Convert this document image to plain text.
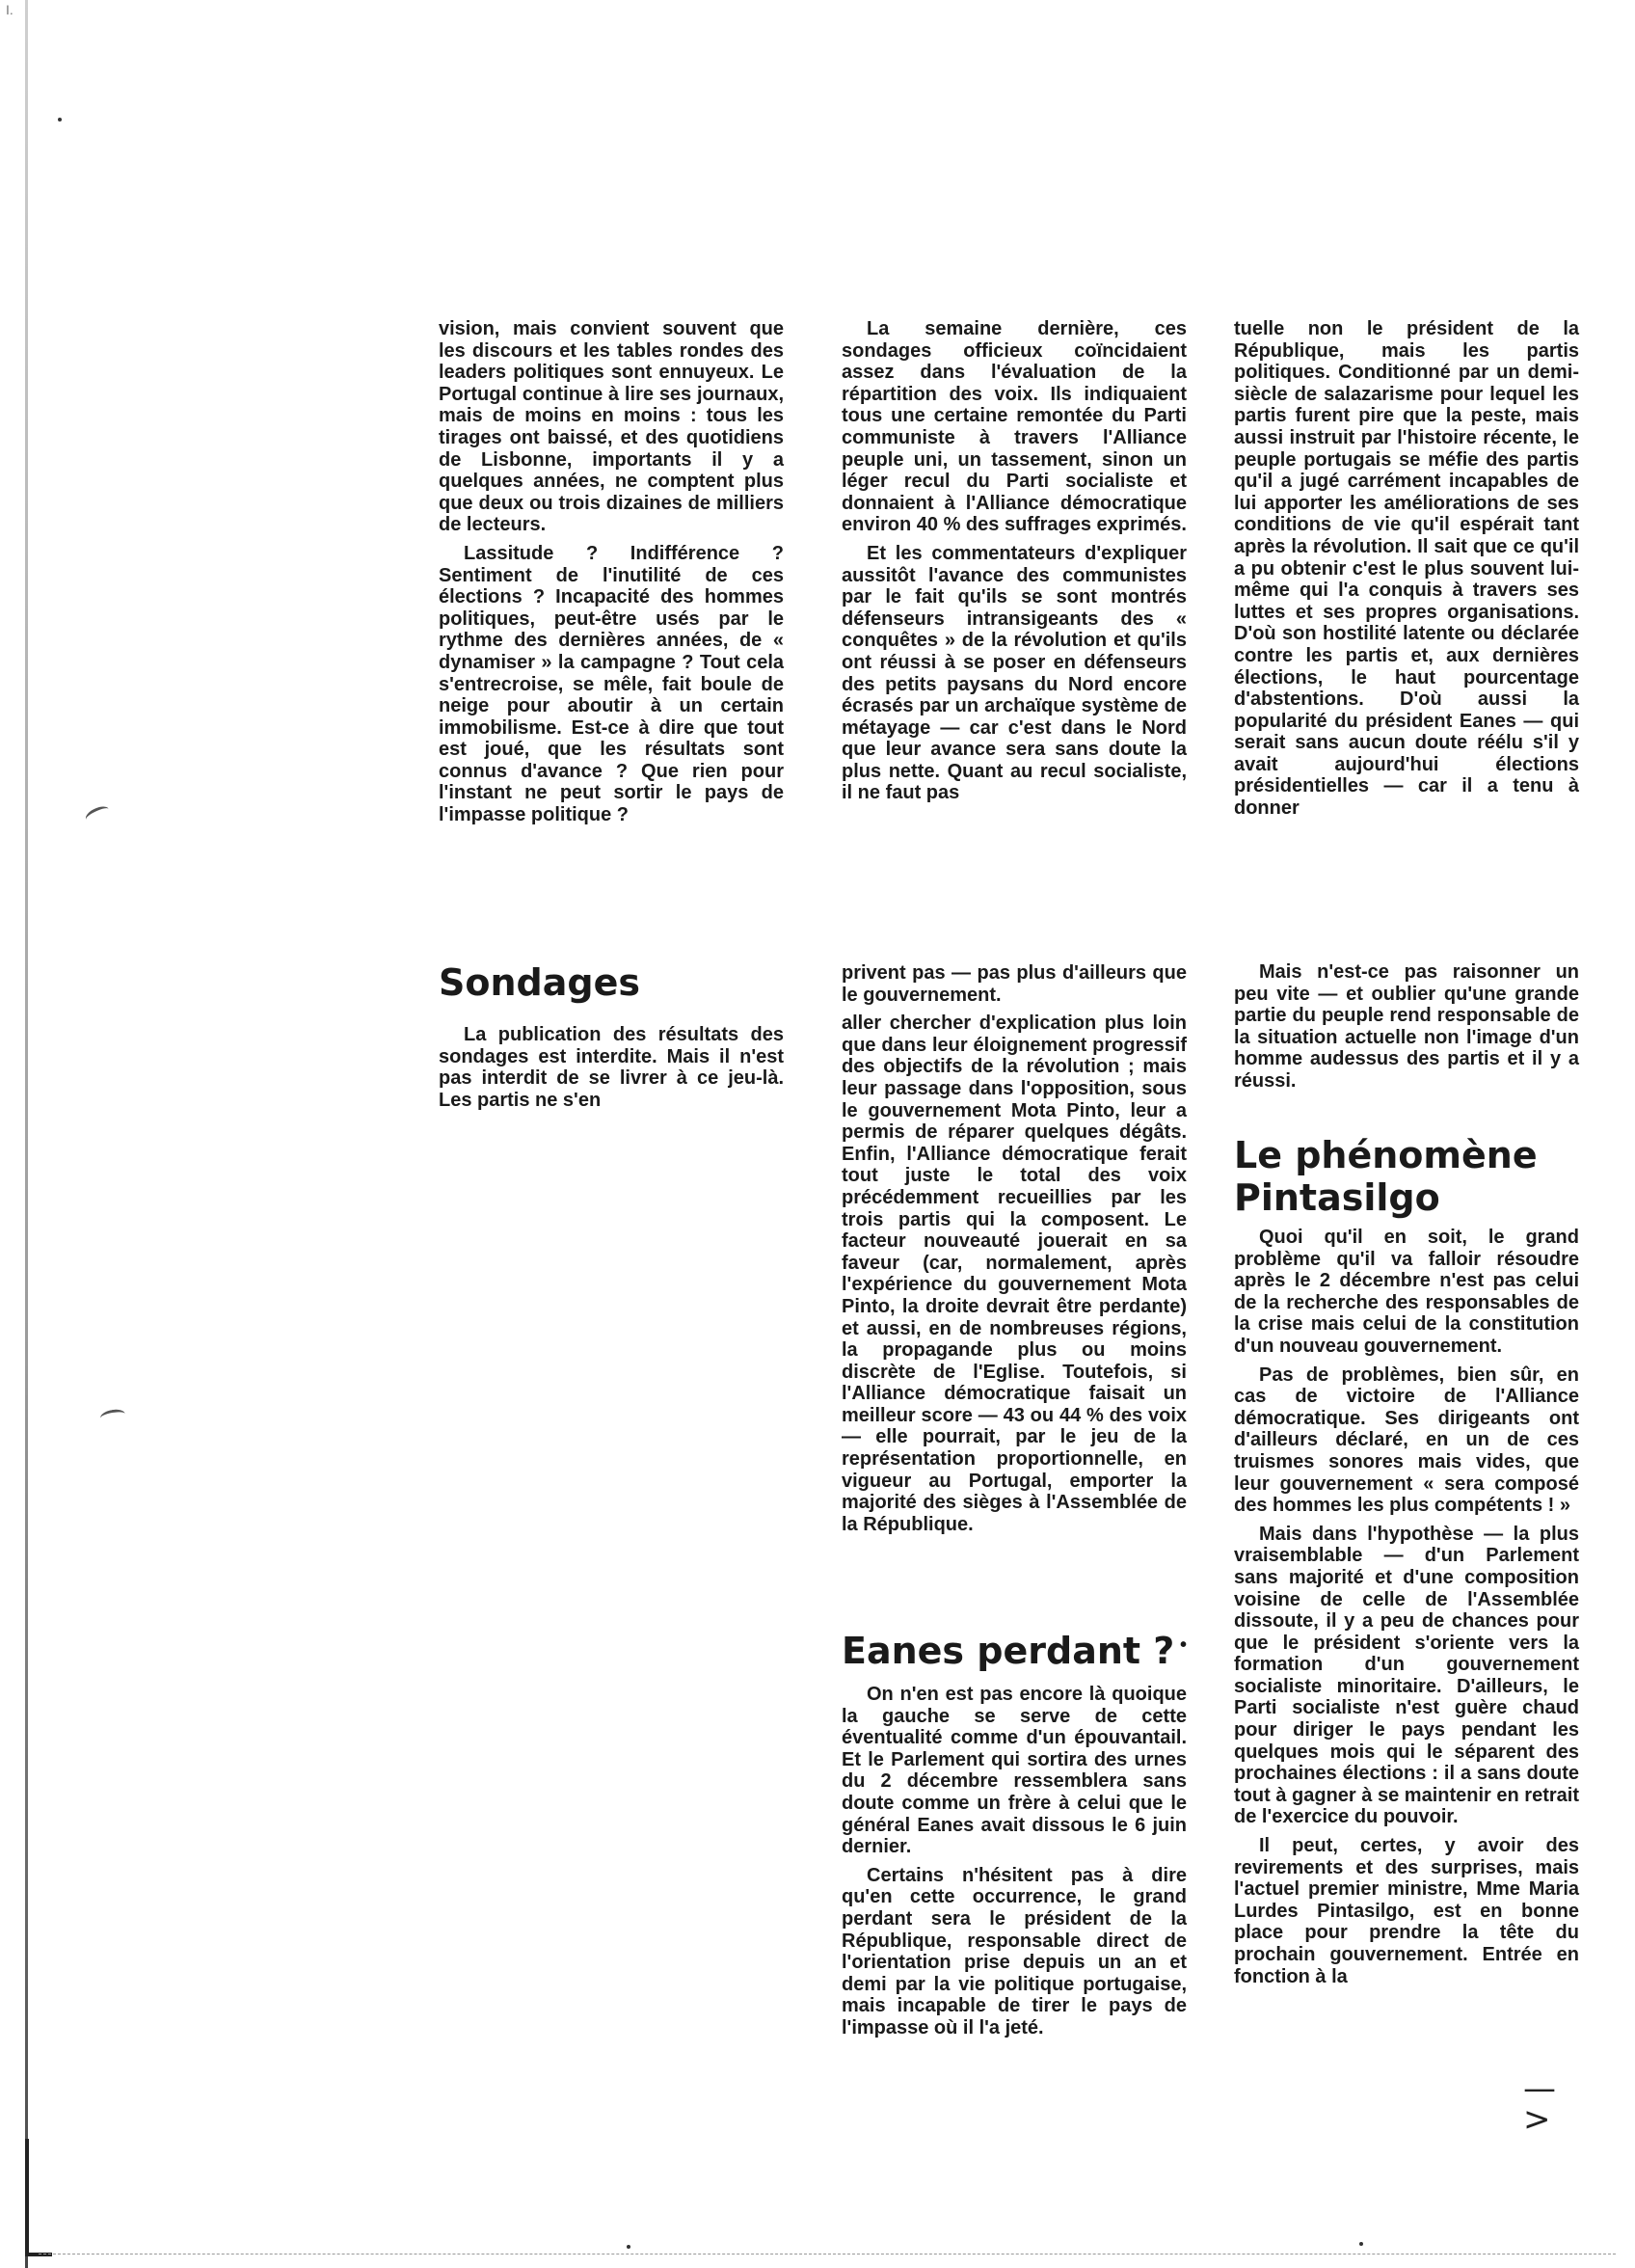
I.

vision, mais convient souvent que les discours et les tables rondes des leaders politiques sont ennuyeux. Le Portugal continue à lire ses journaux, mais de moins en moins : tous les tirages ont baissé, et des quotidiens de Lisbonne, importants il y a quelques années, ne comptent plus que deux ou trois dizaines de milliers de lecteurs.

Lassitude ? Indifférence ? Sentiment de l'inutilité de ces élections ? Incapacité des hommes politiques, peut-être usés par le rythme des dernières années, de « dynamiser » la campagne ? Tout cela s'entrecroise, se mêle, fait boule de neige pour aboutir à un certain immobilisme. Est-ce à dire que tout est joué, que les résultats sont connus d'avance ? Que rien pour l'instant ne peut sortir le pays de l'impasse politique ?

Sondages

La publication des résultats des sondages est interdite. Mais il n'est pas interdit de se livrer à ce jeu-là. Les partis ne s'en

La semaine dernière, ces sondages officieux coïncidaient assez dans l'évaluation de la répartition des voix. Ils indiquaient tous une certaine remontée du Parti communiste à travers l'Alliance peuple uni, un tassement, sinon un léger recul du Parti socialiste et donnaient à l'Alliance démocratique environ 40 % des suffrages exprimés.

Et les commentateurs d'expliquer aussitôt l'avance des communistes par le fait qu'ils se sont montrés défenseurs intransigeants des « conquêtes » de la révolution et qu'ils ont réussi à se poser en défenseurs des petits paysans du Nord encore écrasés par un archaïque système de métayage — car c'est dans le Nord que leur avance sera sans doute la plus nette. Quant au recul socialiste, il ne faut pas

privent pas — pas plus d'ailleurs que le gouvernement.

aller chercher d'explication plus loin que dans leur éloignement progressif des objectifs de la révolution ; mais leur passage dans l'opposition, sous le gouvernement Mota Pinto, leur a permis de réparer quelques dégâts. Enfin, l'Alliance démocratique ferait tout juste le total des voix précédemment recueillies par les trois partis qui la composent. Le facteur nouveauté jouerait en sa faveur (car, normalement, après l'expérience du gouvernement Mota Pinto, la droite devrait être perdante) et aussi, en de nombreuses régions, la propagande plus ou moins discrète de l'Eglise. Toutefois, si l'Alliance démocratique faisait un meilleur score — 43 ou 44 % des voix — elle pourrait, par le jeu de la représentation proportionnelle, en vigueur au Portugal, emporter la majorité des sièges à l'Assemblée de la République.

Eanes perdant ? •

On n'en est pas encore là quoique la gauche se serve de cette éventualité comme d'un épouvantail. Et le Parlement qui sortira des urnes du 2 décembre ressemblera sans doute comme un frère à celui que le général Eanes avait dissous le 6 juin dernier.

Certains n'hésitent pas à dire qu'en cette occurrence, le grand perdant sera le président de la République, responsable direct de l'orientation prise depuis un an et demi par la vie politique portugaise, mais incapable de tirer le pays de l'impasse où il l'a jeté.

tuelle non le président de la République, mais les partis politiques. Conditionné par un demi-siècle de salazarisme pour lequel les partis furent pire que la peste, mais aussi instruit par l'histoire récente, le peuple portugais se méfie des partis qu'il a jugé carrément incapables de lui apporter les améliorations de ses conditions de vie qu'il espérait tant après la révolution. Il sait que ce qu'il a pu obtenir c'est le plus souvent lui-même qui l'a conquis à travers ses luttes et ses propres organisations. D'où son hostilité latente ou déclarée contre les partis et, aux dernières élections, le haut pourcentage d'abstentions. D'où aussi la popularité du président Eanes — qui serait sans aucun doute réélu s'il y avait aujourd'hui élections présidentielles — car il a tenu à donner

Mais n'est-ce pas raisonner un peu vite — et oublier qu'une grande partie du peuple rend responsable de la situation actuelle non l'image d'un homme audessus des partis et il y a réussi.

Le phénomène Pintasilgo

Quoi qu'il en soit, le grand problème qu'il va falloir résoudre après le 2 décembre n'est pas celui de la recherche des responsables de la crise mais celui de la constitution d'un nouveau gouvernement.

Pas de problèmes, bien sûr, en cas de victoire de l'Alliance démocratique. Ses dirigeants ont d'ailleurs déclaré, en un de ces truismes sonores mais vides, que leur gouvernement « sera composé des hommes les plus compétents ! »

Mais dans l'hypothèse — la plus vraisemblable — d'un Parlement sans majorité et d'une composition voisine de celle de l'Assemblée dissoute, il y a peu de chances pour que le président s'oriente vers la formation d'un gouvernement socialiste minoritaire. D'ailleurs, le Parti socialiste n'est guère chaud pour diriger le pays pendant les quelques mois qui le séparent des prochaines élections : il a sans doute tout à gagner à se maintenir en retrait de l'exercice du pouvoir.

Il peut, certes, y avoir des revirements et des surprises, mais l'actuel premier ministre, Mme Maria Lurdes Pintasilgo, est en bonne place pour prendre la tête du prochain gouvernement. Entrée en fonction à la

—>
